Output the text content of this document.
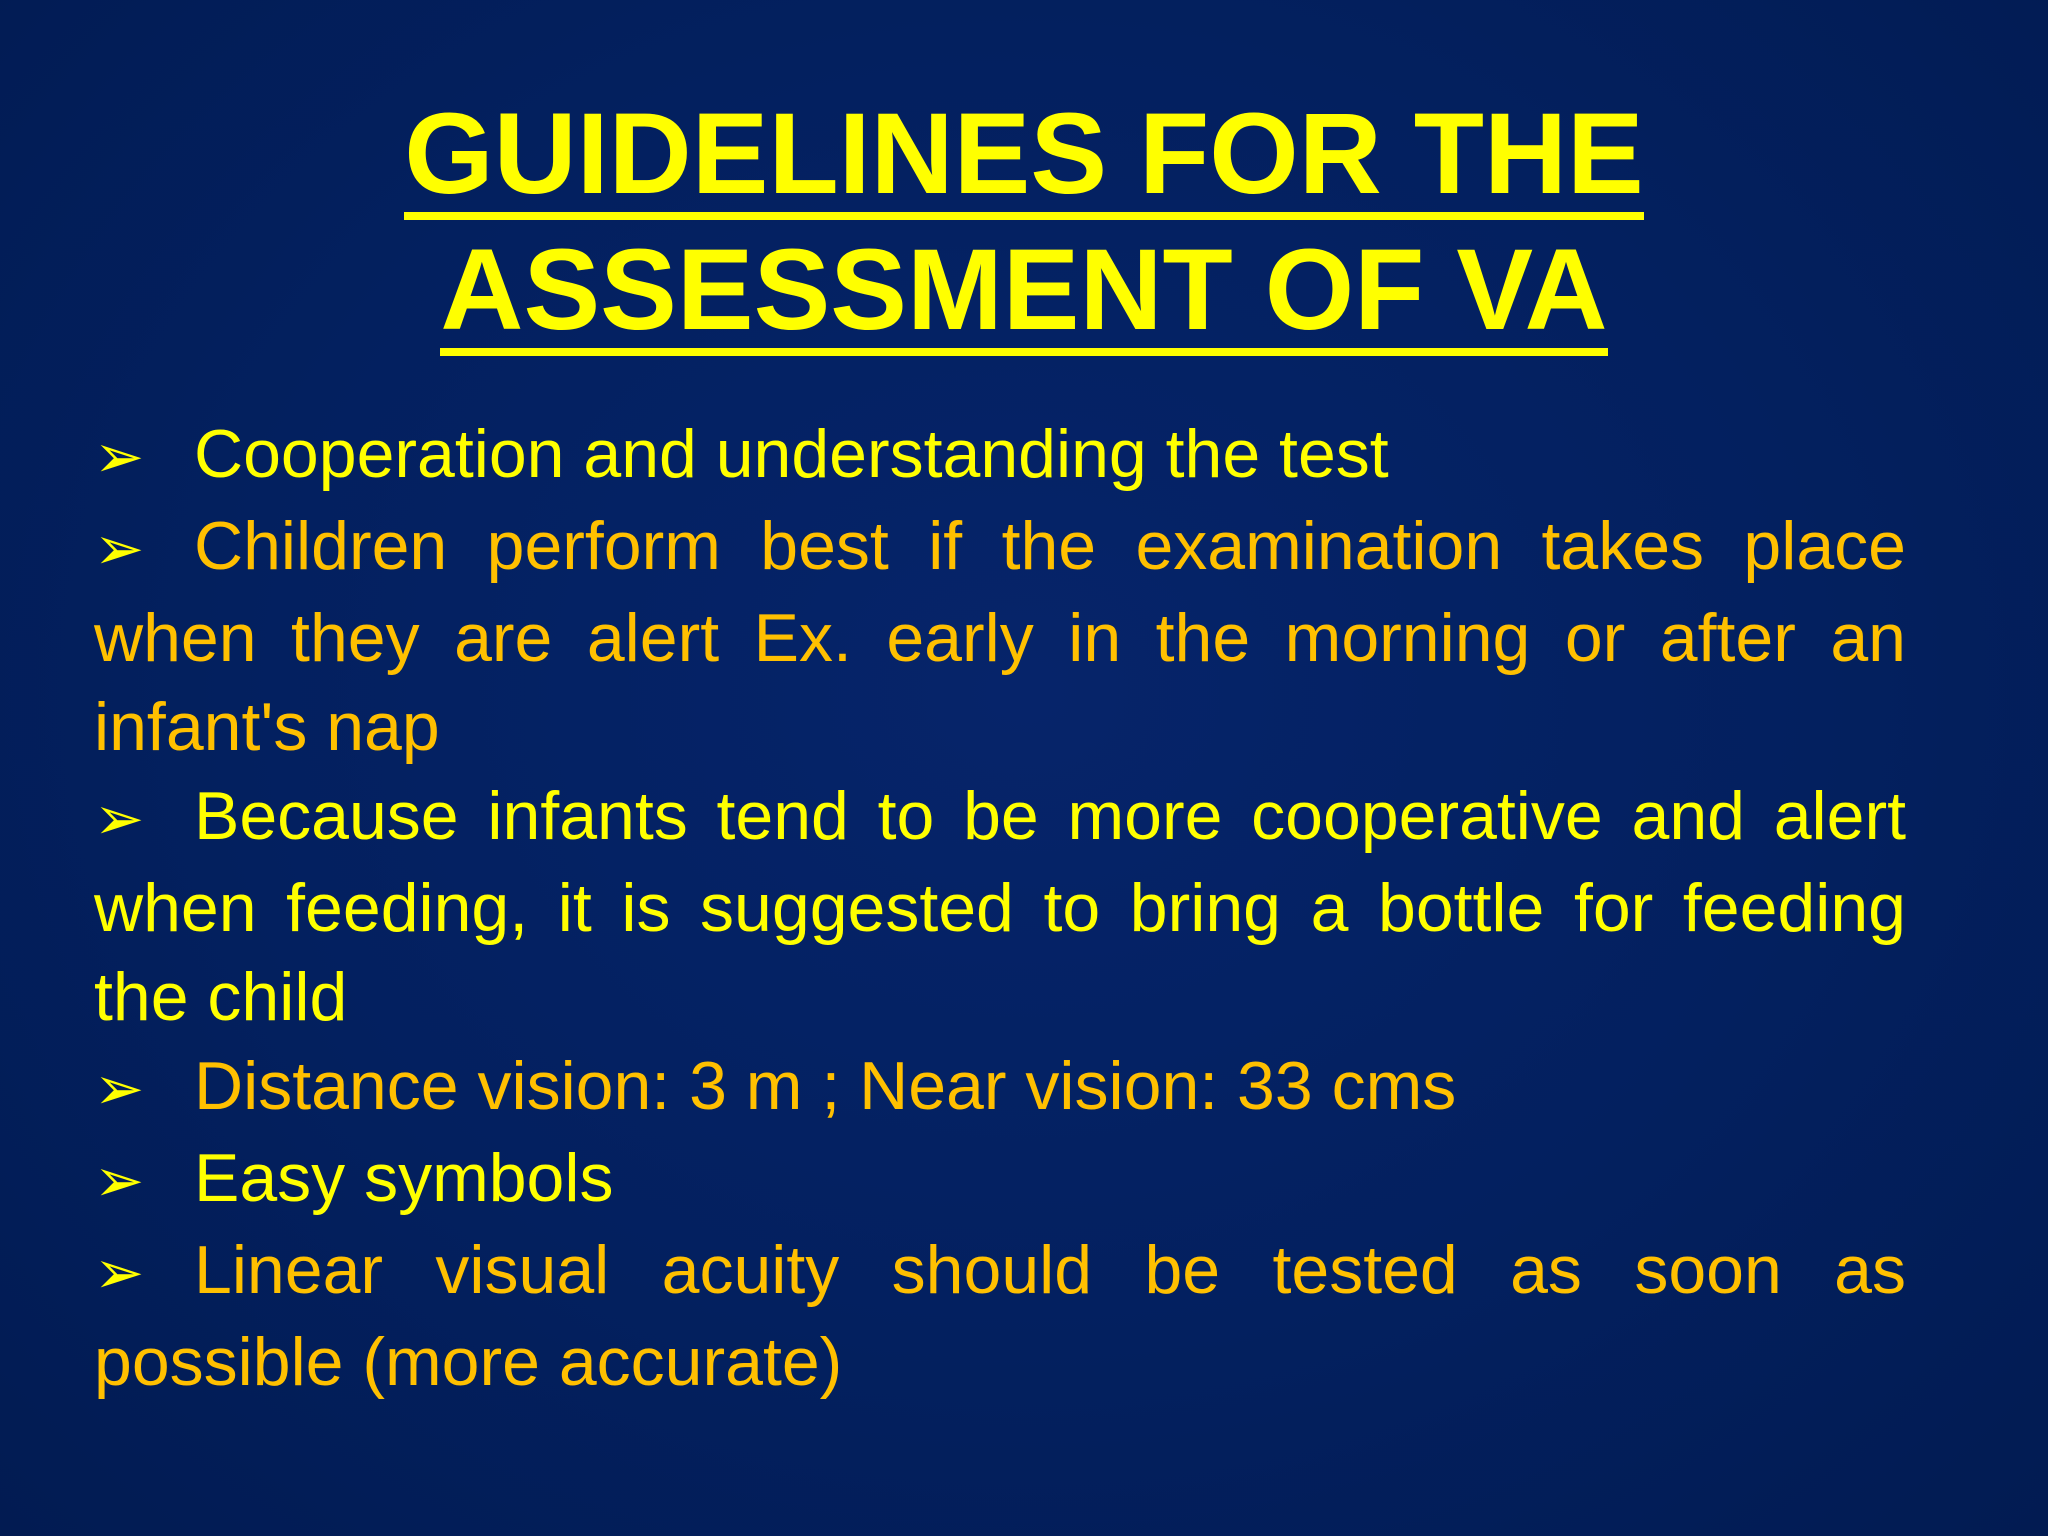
GUIDELINES FOR THE
ASSESSMENT OF VA
➢ Cooperation and understanding the test
➢ Children perform best if the examination takes place when they are alert Ex. early in the morning or after an infant's nap
➢ Because infants tend to be more cooperative and alert when feeding, it is suggested to bring a bottle for feeding the child
➢ Distance vision: 3 m ; Near vision: 33 cms
➢ Easy symbols
➢ Linear visual acuity should be tested as soon as possible (more accurate)
